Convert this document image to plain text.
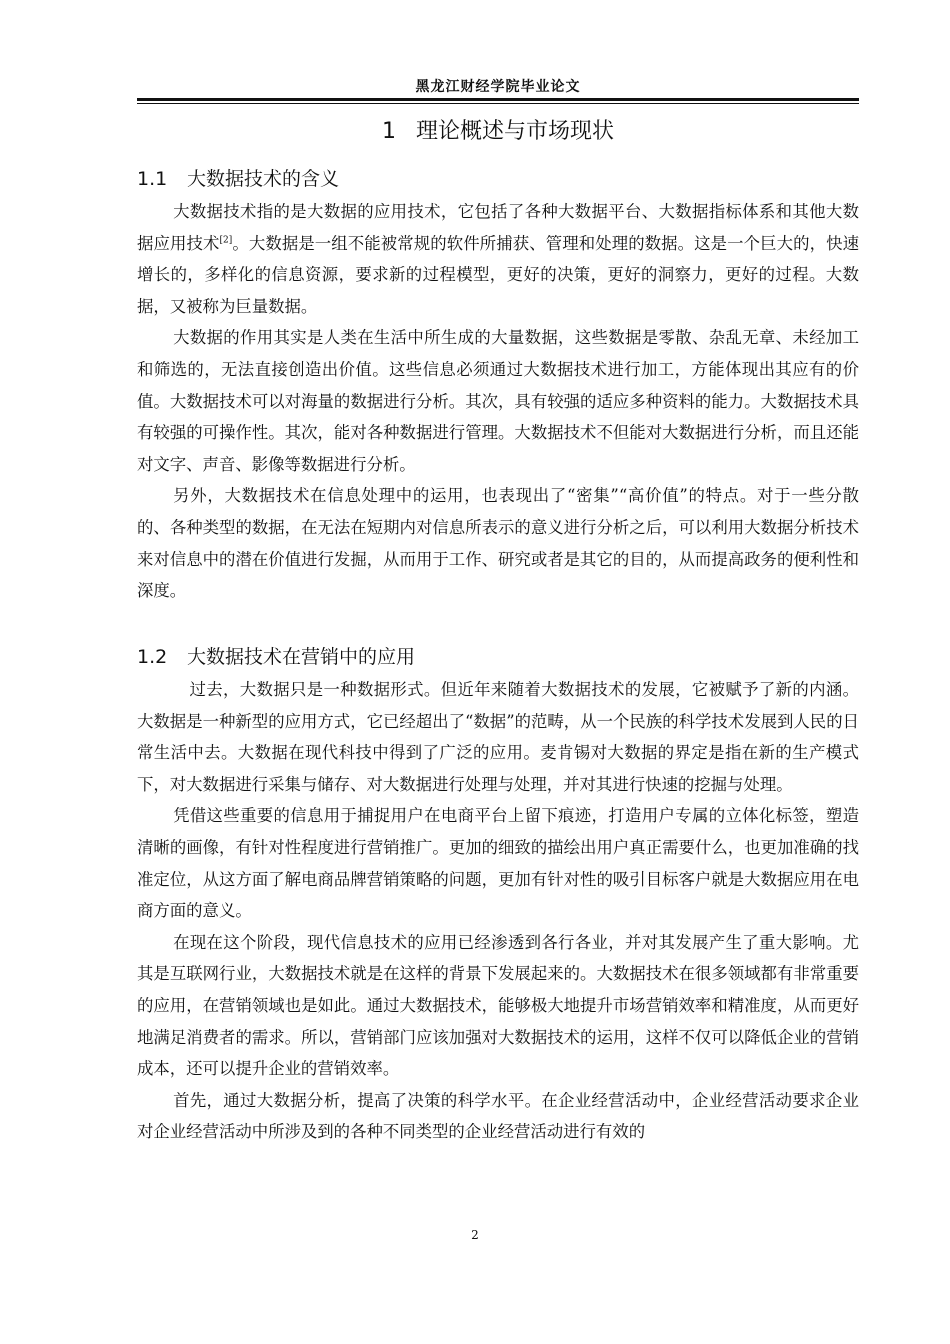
黑龙江财经学院毕业论文
1 理论概述与市场现状
1.1 大数据技术的含义

大数据技术指的是大数据的应用技术，它包括了各种大数据平台、大数据指标体系和其他大数据应用技术[2]。大数据是一组不能被常规的软件所捕获、管理和处理的数据。这是一个巨大的，快速增长的，多样化的信息资源，要求新的过程模型，更好的决策，更好的洞察力，更好的过程。大数据，又被称为巨量数据。

大数据的作用其实是人类在生活中所生成的大量数据，这些数据是零散、杂乱无章、未经加工和筛选的，无法直接创造出价值。这些信息必须通过大数据技术进行加工，方能体现出其应有的价值。大数据技术可以对海量的数据进行分析。其次，具有较强的适应多种资料的能力。大数据技术具有较强的可操作性。其次，能对各种数据进行管理。大数据技术不但能对大数据进行分析，而且还能对文字、声音、影像等数据进行分析。

另外，大数据技术在信息处理中的运用，也表现出了“密集”“高价值”的特点。对于一些分散的、各种类型的数据，在无法在短期内对信息所表示的意义进行分析之后，可以利用大数据分析技术来对信息中的潜在价值进行发掘，从而用于工作、研究或者是其它的目的，从而提高政务的便利性和深度。

1.2 大数据技术在营销中的应用

过去，大数据只是一种数据形式。但近年来随着大数据技术的发展，它被赋予了新的内涵。大数据是一种新型的应用方式，它已经超出了“数据”的范畴，从一个民族的科学技术发展到人民的日常生活中去。大数据在现代科技中得到了广泛的应用。麦肯锡对大数据的界定是指在新的生产模式下，对大数据进行采集与储存、对大数据进行处理与处理，并对其进行快速的挖掘与处理。

凭借这些重要的信息用于捕捉用户在电商平台上留下痕迹，打造用户专属的立体化标签，塑造清晰的画像，有针对性程度进行营销推广。更加的细致的描绘出用户真正需要什么，也更加准确的找准定位，从这方面了解电商品牌营销策略的问题，更加有针对性的吸引目标客户就是大数据应用在电商方面的意义。

在现在这个阶段，现代信息技术的应用已经渗透到各行各业，并对其发展产生了重大影响。尤其是互联网行业，大数据技术就是在这样的背景下发展起来的。大数据技术在很多领域都有非常重要的应用，在营销领域也是如此。通过大数据技术，能够极大地提升市场营销效率和精准度，从而更好地满足消费者的需求。所以，营销部门应该加强对大数据技术的运用，这样不仅可以降低企业的营销成本，还可以提升企业的营销效率。

首先，通过大数据分析，提高了决策的科学水平。在企业经营活动中，企业经营活动要求企业对企业经营活动中所涉及到的各种不同类型的企业经营活动进行有效的

2
